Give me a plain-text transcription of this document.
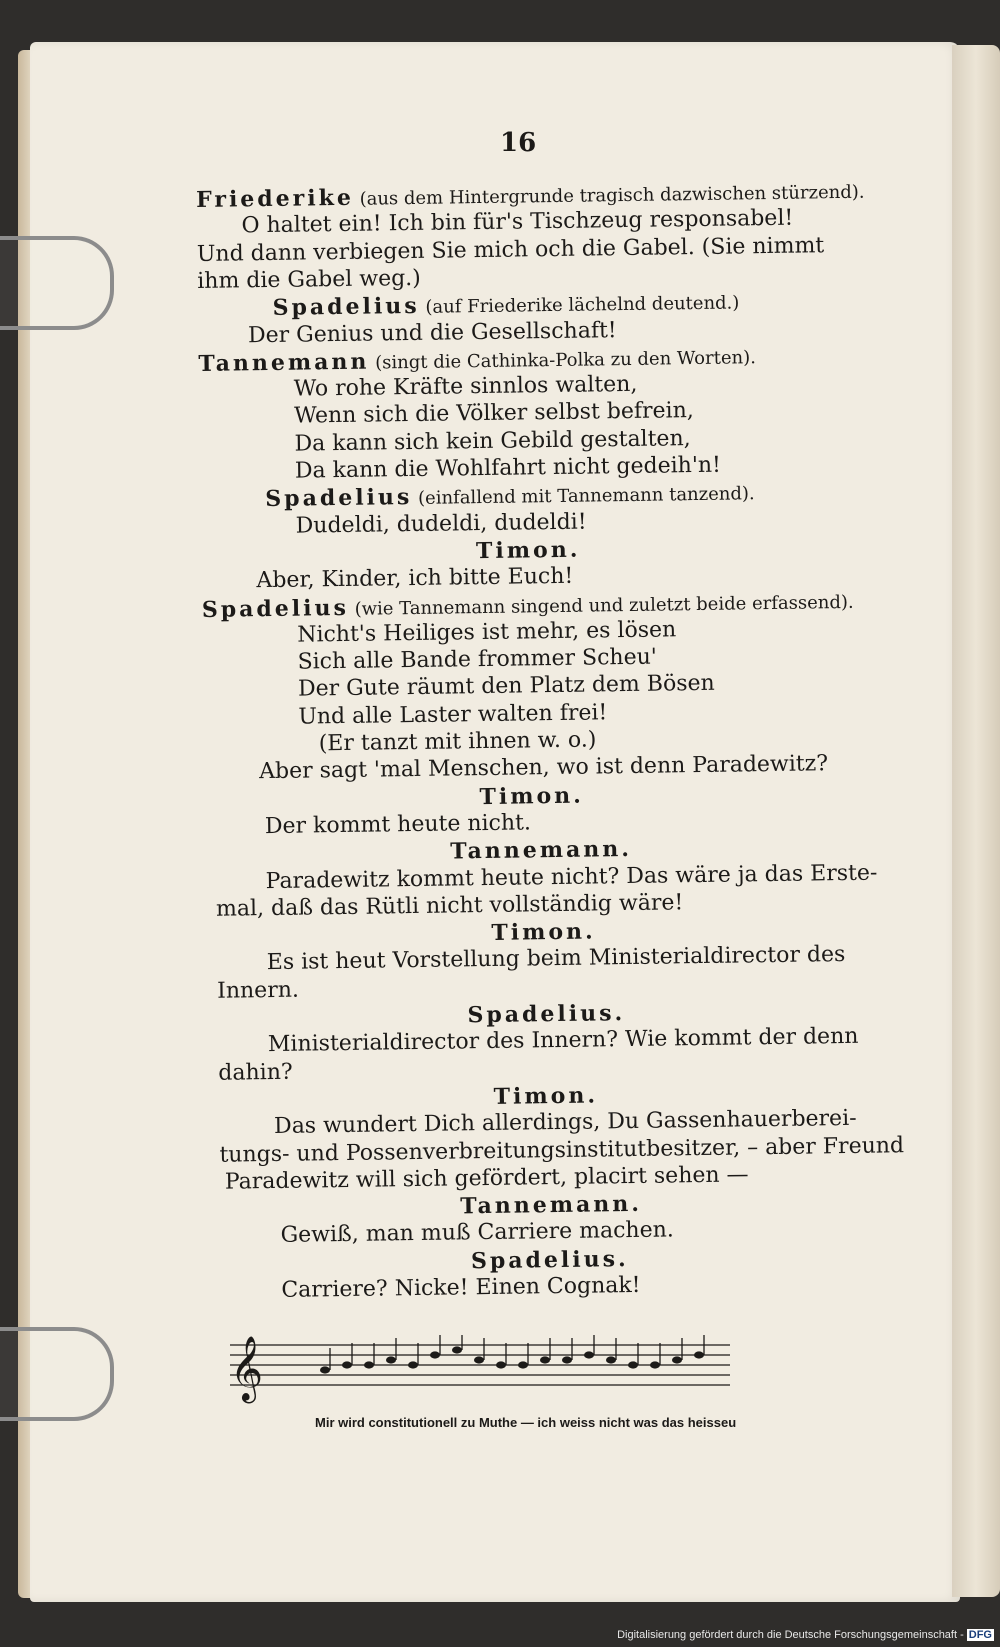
16
Friederike (aus dem Hintergrunde tragisch dazwischen stürzend).
O haltet ein! Ich bin für's Tischzeug responsabel!
Und dann verbiegen Sie mich och die Gabel. (Sie nimmt
ihm die Gabel weg.)
Spadelius (auf Friederike lächelnd deutend.)
Der Genius und die Gesellschaft!
Tannemann (singt die Cathinka-Polka zu den Worten).
Wo rohe Kräfte sinnlos walten,
Wenn sich die Völker selbst befrein,
Da kann sich kein Gebild gestalten,
Da kann die Wohlfahrt nicht gedeih'n!
Spadelius (einfallend mit Tannemann tanzend).
Dudeldi, dudeldi, dudeldi!
Timon.
Aber, Kinder, ich bitte Euch!
Spadelius (wie Tannemann singend und zuletzt beide erfassend).
Nicht's Heiliges ist mehr, es lösen
Sich alle Bande frommer Scheu'
Der Gute räumt den Platz dem Bösen
Und alle Laster walten frei!
(Er tanzt mit ihnen w. o.)
Aber sagt 'mal Menschen, wo ist denn Paradewitz?
Timon.
Der kommt heute nicht.
Tannemann.
Paradewitz kommt heute nicht? Das wäre ja das Erste-
mal, daß das Rütli nicht vollständig wäre!
Timon.
Es ist heut Vorstellung beim Ministerialdirector des
Innern.
Spadelius.
Ministerialdirector des Innern? Wie kommt der denn
dahin?
Timon.
Das wundert Dich allerdings, Du Gassenhauerberei-
tungs- und Possenverbreitungsinstitutbesitzer, – aber Freund
Paradewitz will sich gefördert, placirt sehen —
Tannemann.
Gewiß, man muß Carriere machen.
Spadelius.
Carriere? Nicke! Einen Cognak!
𝄞
Mir wird constitutionell zu Muthe — ich weiss nicht was das heisseu
Digitalisierung gefördert durch die Deutsche Forschungsgemeinschaft - DFG
